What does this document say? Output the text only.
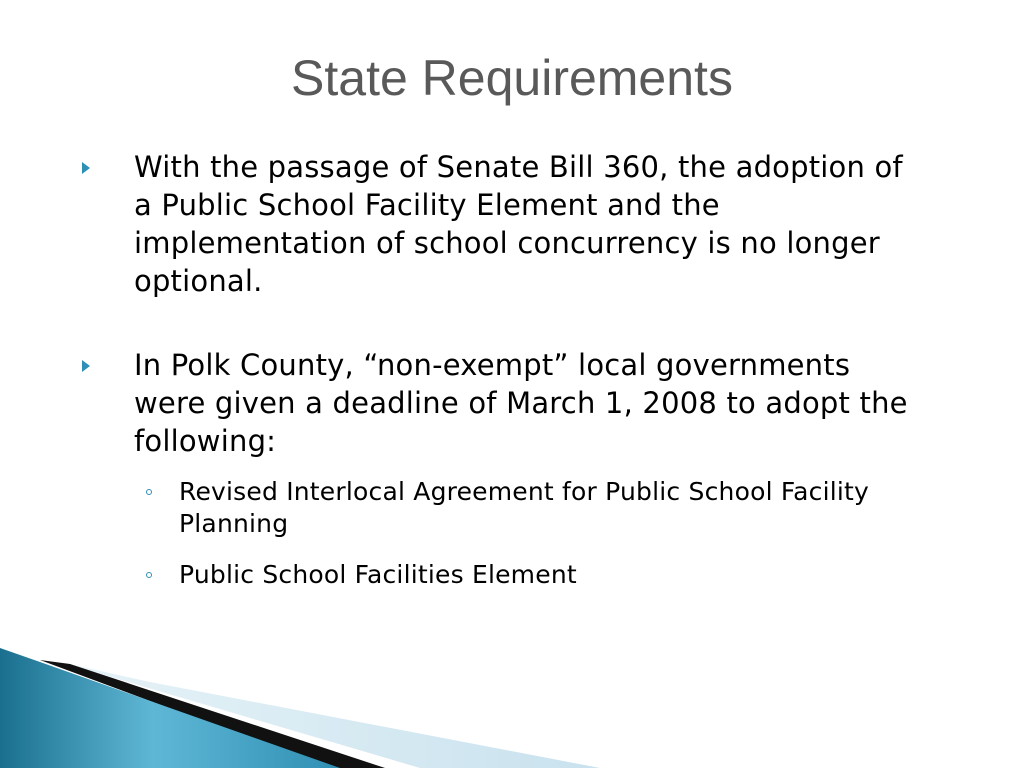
State Requirements
With the passage of Senate Bill 360, the adoption of a Public School Facility Element and the implementation of school concurrency is no longer optional.
In Polk County, “non-exempt” local governments were given a deadline of March 1, 2008 to adopt the following:
Revised Interlocal Agreement for Public School Facility Planning
Public School Facilities Element
